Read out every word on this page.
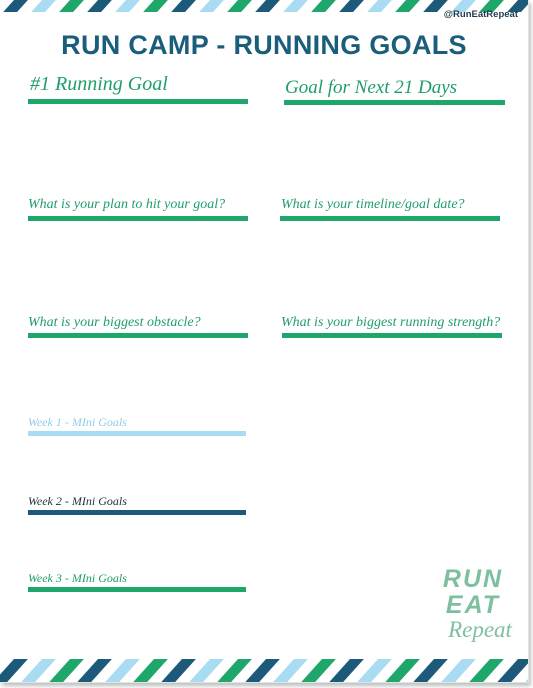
@RunEatRepeat
RUN CAMP - RUNNING GOALS
#1 Running Goal	Goal for Next 21 Days
What is your plan to hit your goal?	What is your timeline/goal date?
What is your biggest obstacle?	What is your biggest running strength?
Week 1 - MIni Goals
Week 2 - MIni Goals
Week 3 - MIni Goals	RUN
EAT
Repeat
